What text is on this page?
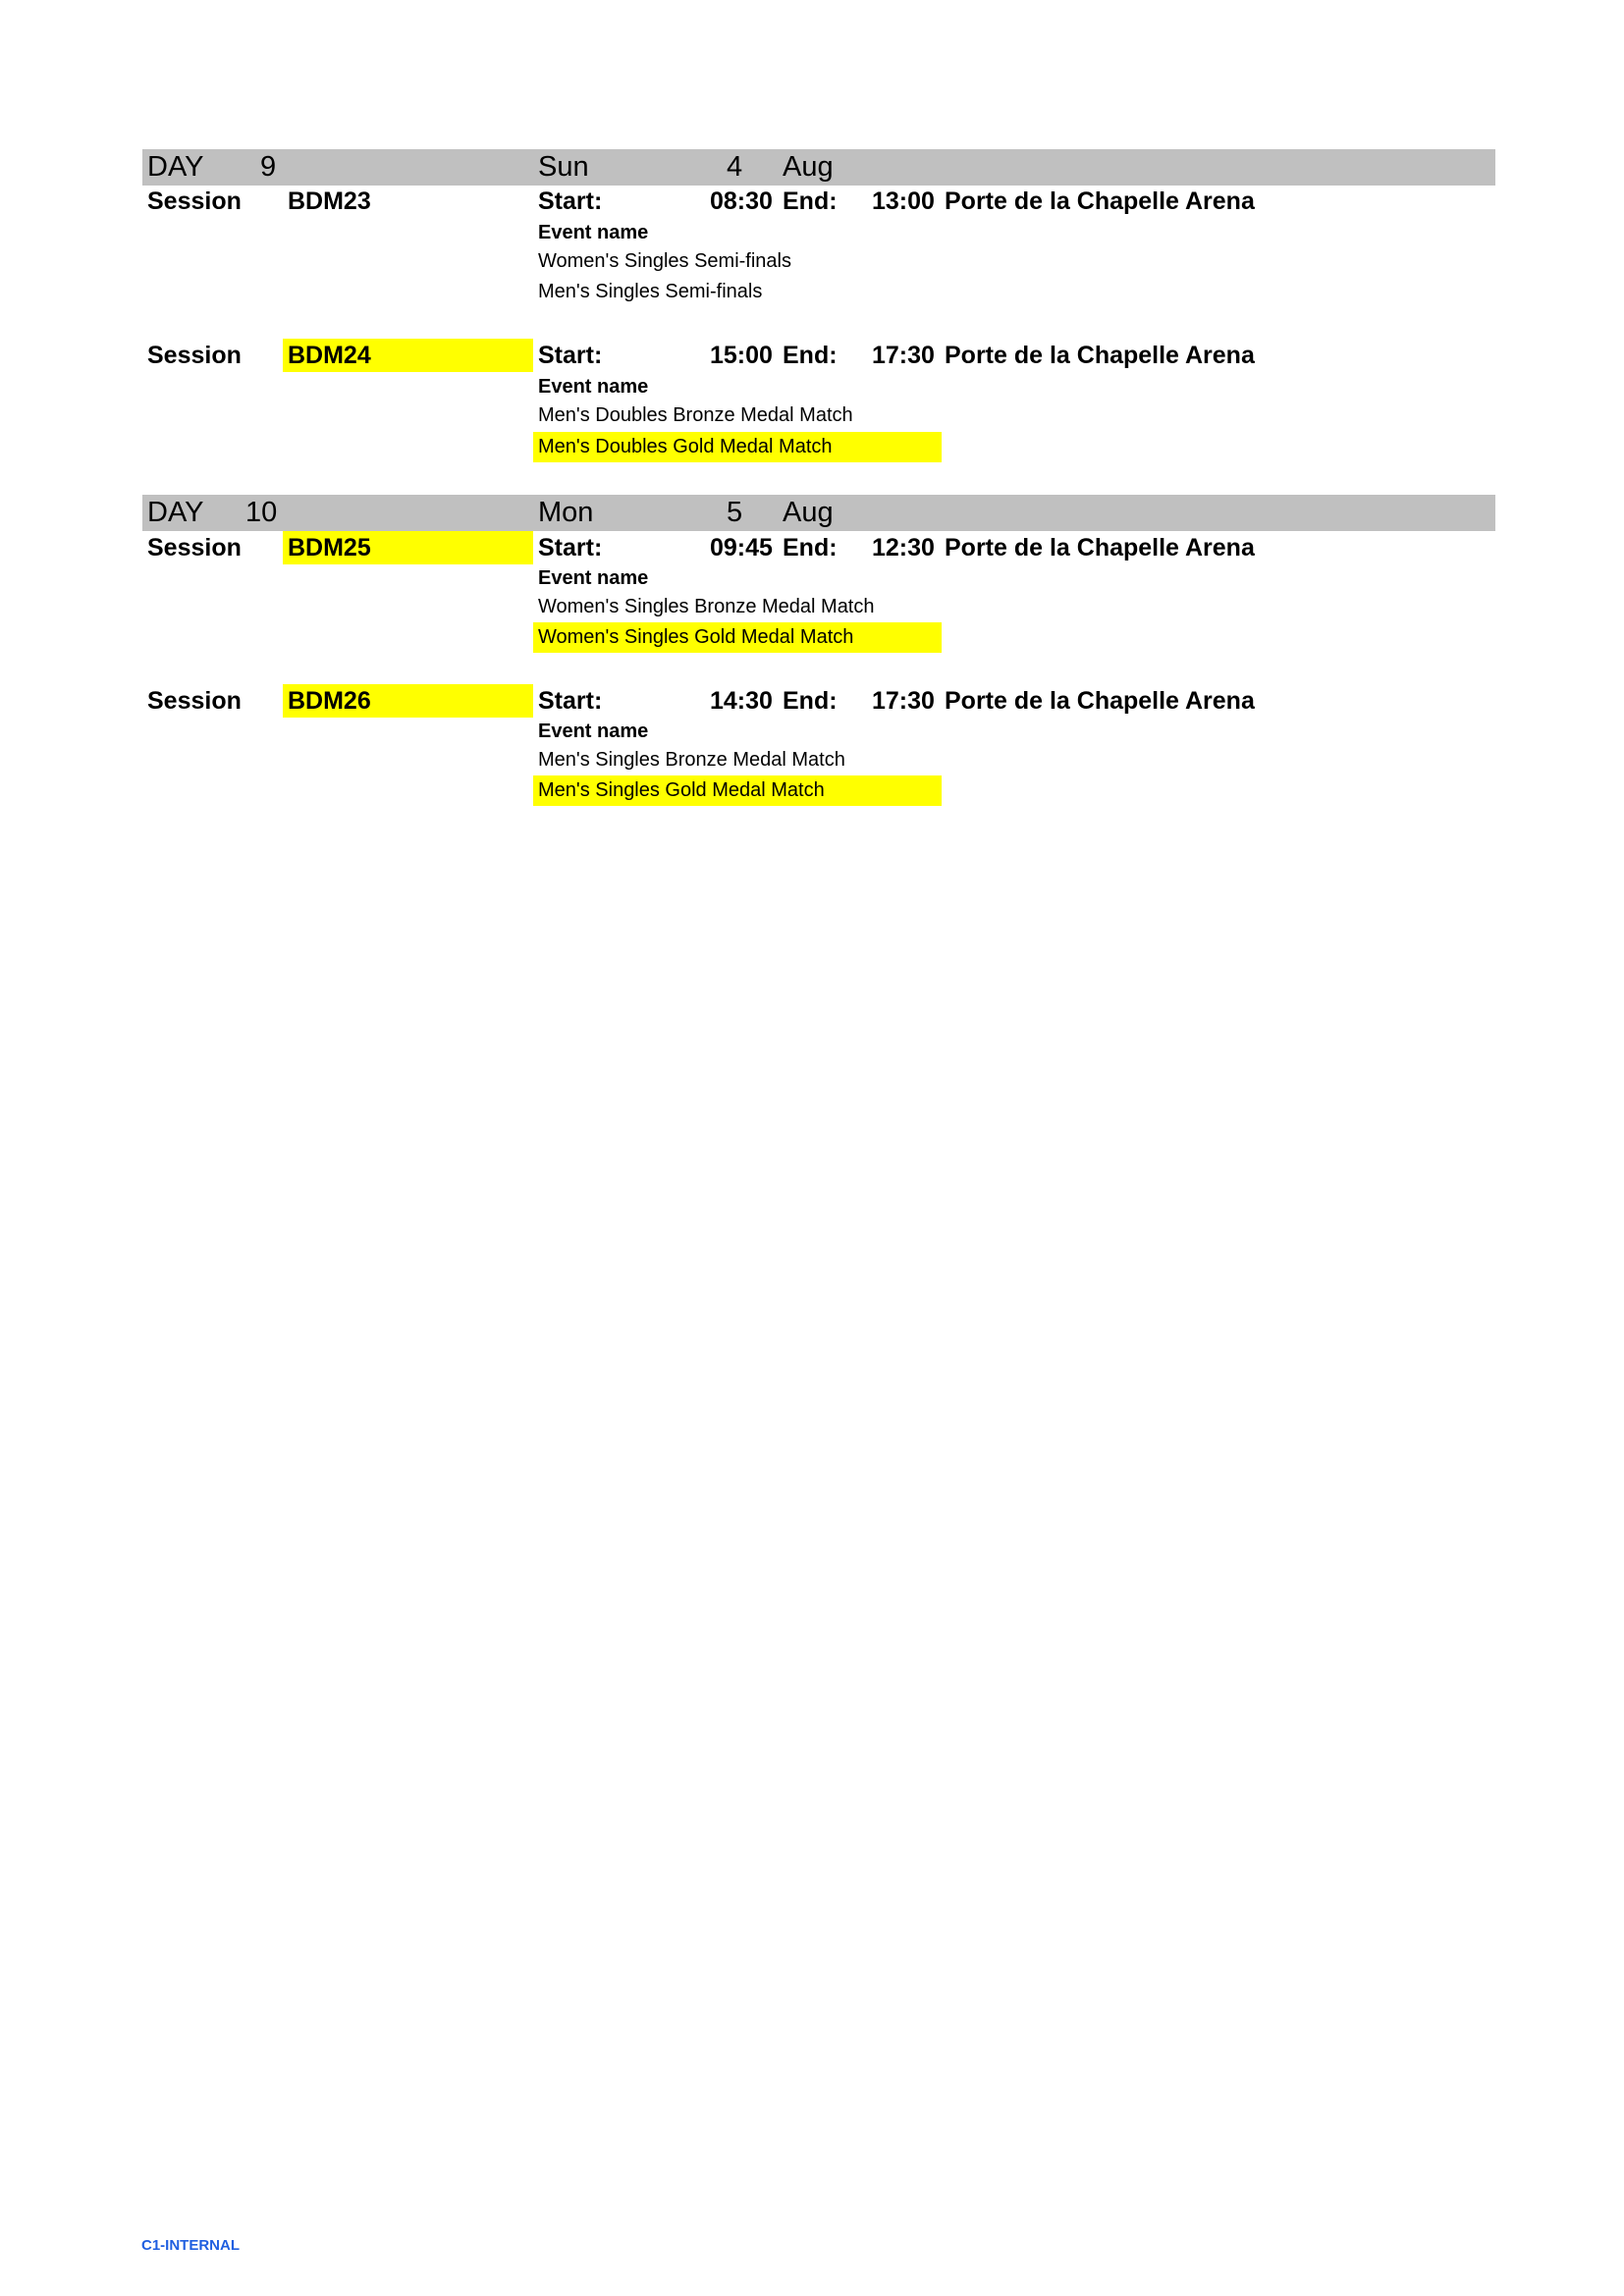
DAY 9	Sun	4 Aug
Session BDM23	Start:	08:30 End: 13:00 Porte de la Chapelle Arena
Event name
Women's Singles Semi-finals
Men's Singles Semi-finals
Session BDM24	Start:	15:00 End: 17:30 Porte de la Chapelle Arena
Event name
Men's Doubles Bronze Medal Match
Men's Doubles Gold Medal Match
DAY 10	Mon	5 Aug
Session BDM25	Start:	09:45 End: 12:30 Porte de la Chapelle Arena
Event name
Women's Singles Bronze Medal Match
Women's Singles Gold Medal Match
Session BDM26	Start:	14:30 End: 17:30 Porte de la Chapelle Arena
Event name
Men's Singles Bronze Medal Match
Men's Singles Gold Medal Match
C1-INTERNAL
